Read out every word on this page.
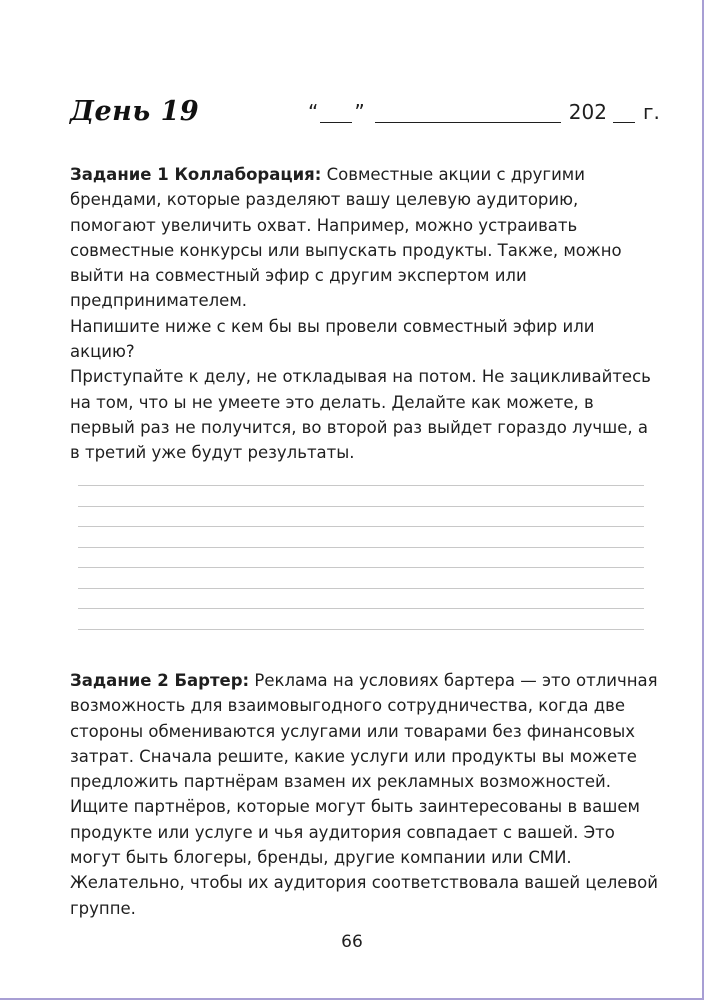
День 19	“ ”	202 г.

Задание 1 Коллаборация: Совместные акции с другими брендами, которые разделяют вашу целевую аудиторию, помогают увеличить охват. Например, можно устраивать совместные конкурсы или выпускать продукты. Также, можно выйти на совместный эфир с другим экспертом или предпринимателем.

Напишите ниже с кем бы вы провели совместный эфир или акцию?

Приступайте к делу, не откладывая на потом. Не зацикливайтесь на том, что ы не умеете это делать. Делайте как можете, в первый раз не получится, во второй раз выйдет гораздо лучше, а в третий уже будут результаты.

Задание 2 Бартер: Реклама на условиях бартера — это отличная возможность для взаимовыгодного сотрудничества, когда две стороны обмениваются услугами или товарами без финансовых затрат. Сначала решите, какие услуги или продукты вы можете предложить партнёрам взамен их рекламных возможностей. Ищите партнёров, которые могут быть заинтересованы в вашем продукте или услуге и чья аудитория совпадает с вашей. Это могут быть блогеры, бренды, другие компании или СМИ. Желательно, чтобы их аудитория соответствовала вашей целевой группе.

66
